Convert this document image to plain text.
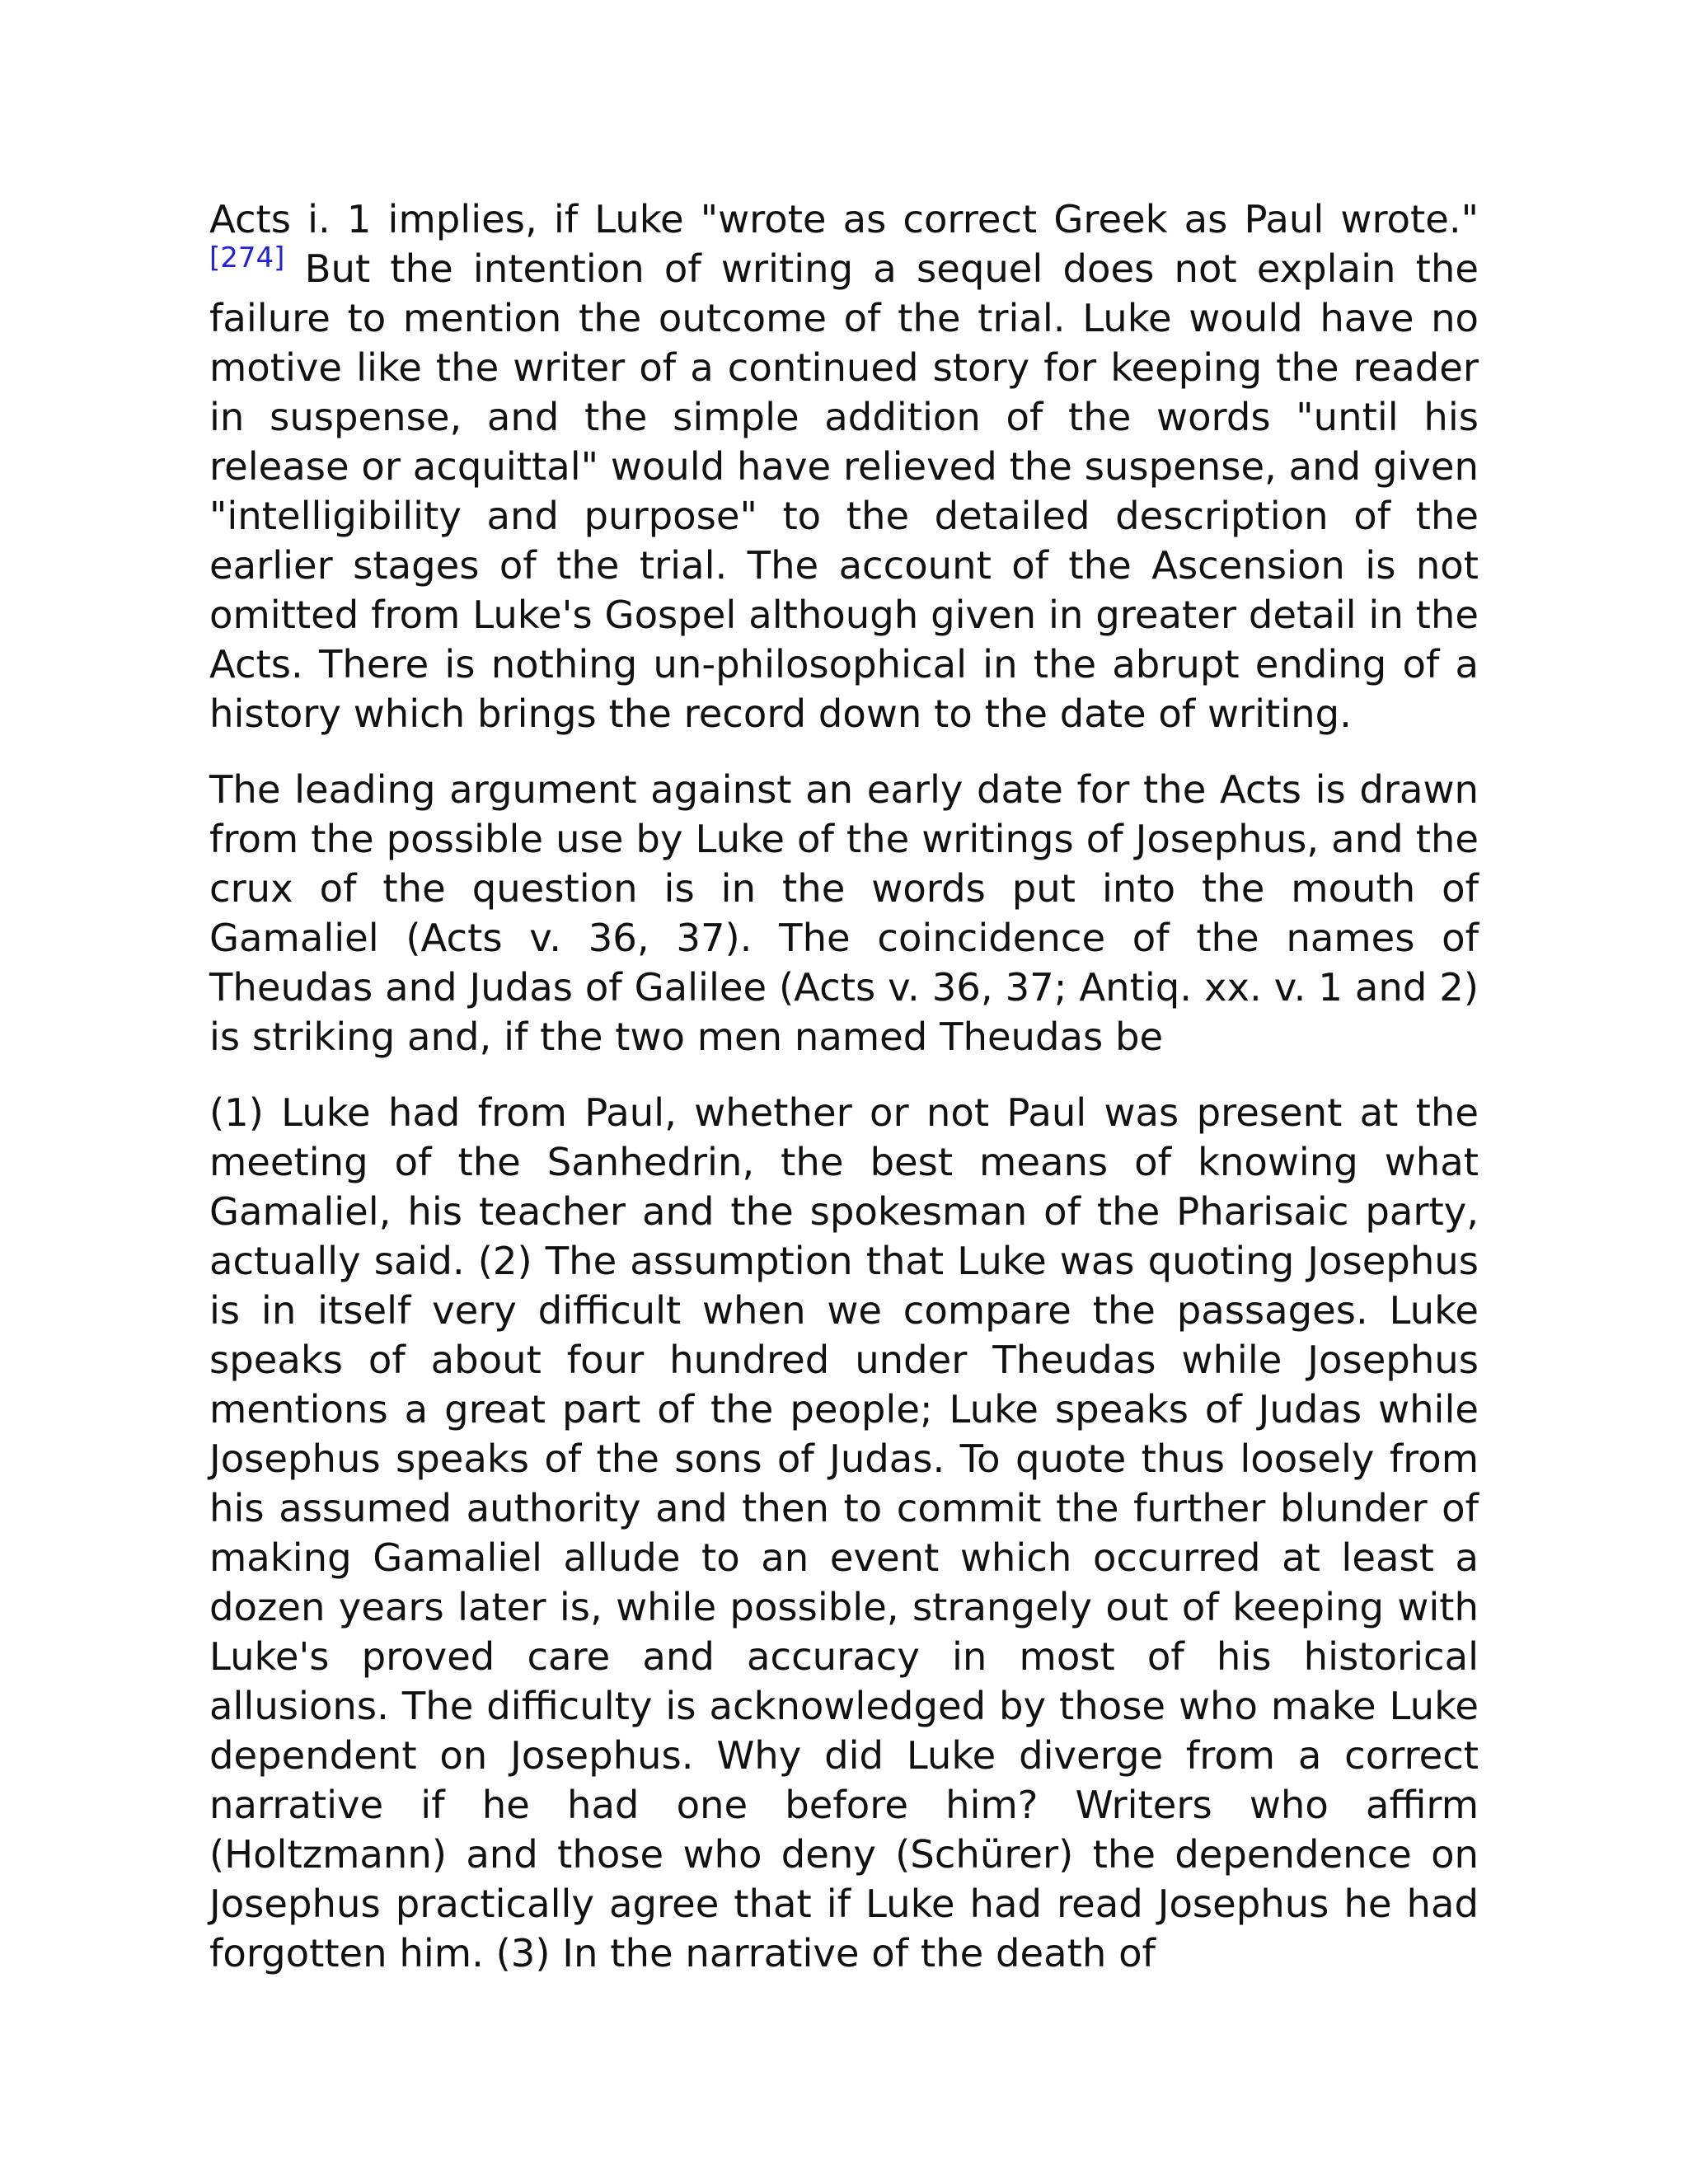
Acts i. 1 implies, if Luke "wrote as correct Greek as Paul wrote."[274] But the intention of writing a sequel does not explain the failure to mention the outcome of the trial. Luke would have no motive like the writer of a continued story for keeping the reader in suspense, and the simple addition of the words "until his release or acquittal" would have relieved the suspense, and given "intelligibility and purpose" to the detailed description of the earlier stages of the trial. The account of the Ascension is not omitted from Luke's Gospel although given in greater detail in the Acts. There is nothing un-philosophical in the abrupt ending of a history which brings the record down to the date of writing.

The leading argument against an early date for the Acts is drawn from the possible use by Luke of the writings of Josephus, and the crux of the question is in the words put into the mouth of Gamaliel (Acts v. 36, 37). The coincidence of the names of Theudas and Judas of Galilee (Acts v. 36, 37; Antiq. xx. v. 1 and 2) is striking and, if the two men named Theudas be

(1) Luke had from Paul, whether or not Paul was present at the meeting of the Sanhedrin, the best means of knowing what Gamaliel, his teacher and the spokesman of the Pharisaic party, actually said. (2) The assumption that Luke was quoting Josephus is in itself very difficult when we compare the passages. Luke speaks of about four hundred under Theudas while Josephus mentions a great part of the people; Luke speaks of Judas while Josephus speaks of the sons of Judas. To quote thus loosely from his assumed authority and then to commit the further blunder of making Gamaliel allude to an event which occurred at least a dozen years later is, while possible, strangely out of keeping with Luke's proved care and accuracy in most of his historical allusions. The difficulty is acknowledged by those who make Luke dependent on Josephus. Why did Luke diverge from a correct narrative if he had one before him? Writers who affirm (Holtzmann) and those who deny (Schürer) the dependence on Josephus practically agree that if Luke had read Josephus he had forgotten him. (3) In the narrative of the death of
